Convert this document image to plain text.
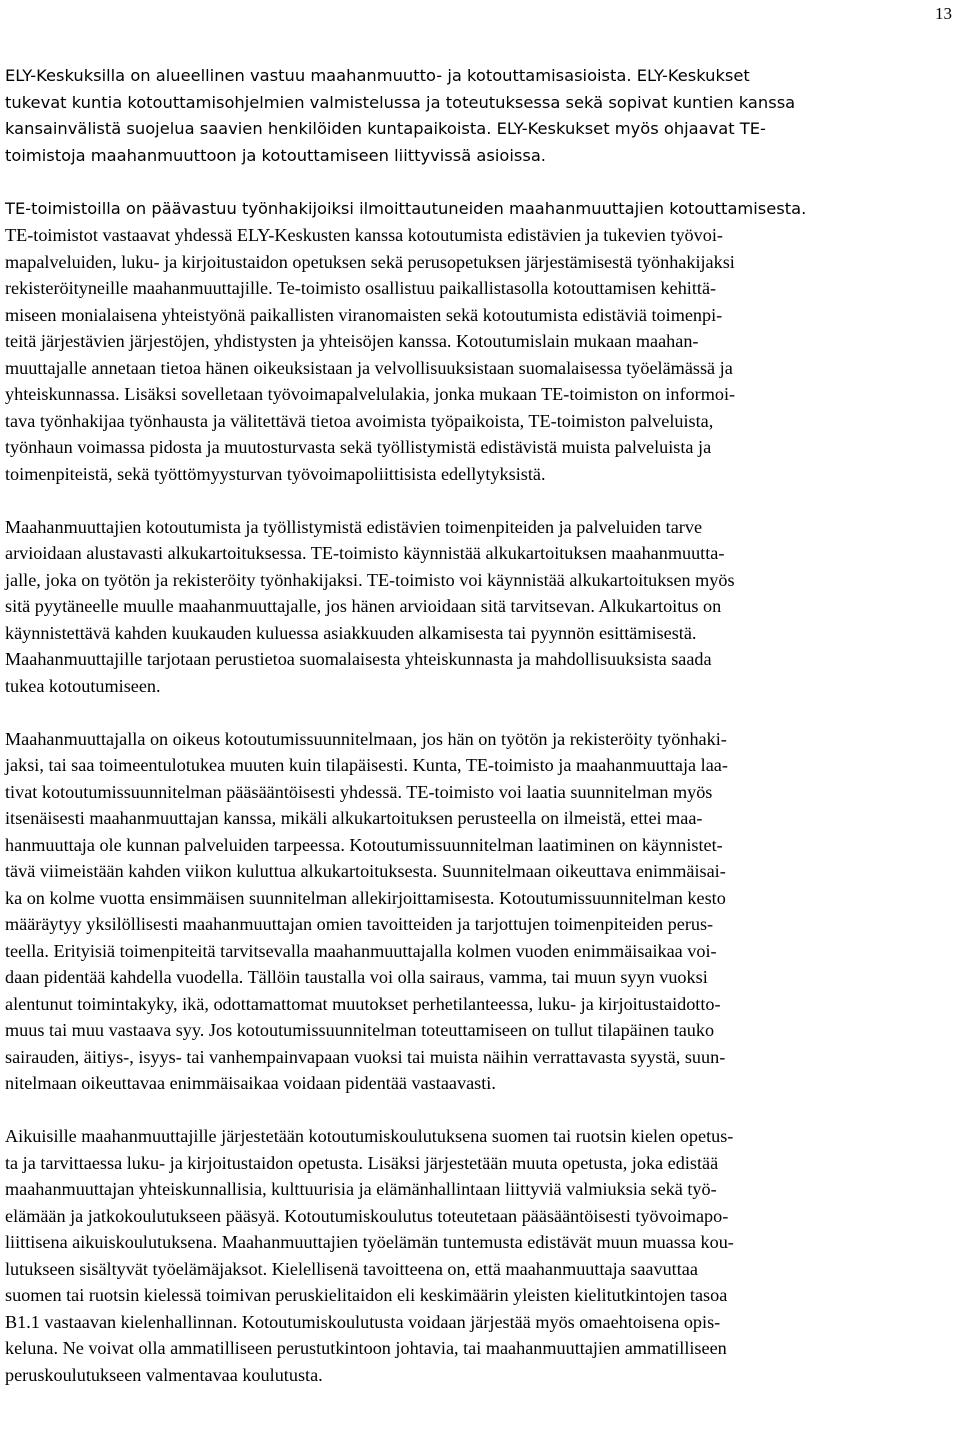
13

ELY-Keskuksilla on alueellinen vastuu maahanmuutto- ja kotouttamisasioista. ELY-Keskukset
tukevat kuntia kotouttamisohjelmien valmistelussa ja toteutuksessa sekä sopivat kuntien kanssa
kansainvälistä suojelua saavien henkilöiden kuntapaikoista. ELY-Keskukset myös ohjaavat TE-
toimistoja maahanmuuttoon ja kotouttamiseen liittyvissä asioissa.

TE-toimistoilla on päävastuu työnhakijoiksi ilmoittautuneiden maahanmuuttajien kotouttamisesta.
TE-toimistot vastaavat yhdessä ELY-Keskusten kanssa kotoutumista edistävien ja tukevien työvoi-
mapalveluiden, luku- ja kirjoitustaidon opetuksen sekä perusopetuksen järjestämisestä työnhakijaksi
rekisteröityneille maahanmuuttajille. Te-toimisto osallistuu paikallistasolla kotouttamisen kehittä-
miseen monialaisena yhteistyönä paikallisten viranomaisten sekä kotoutumista edistäviä toimenpi-
teitä järjestävien järjestöjen, yhdistysten ja yhteisöjen kanssa. Kotoutumislain mukaan maahan-
muuttajalle annetaan tietoa hänen oikeuksistaan ja velvollisuuksistaan suomalaisessa työelämässä ja
yhteiskunnassa. Lisäksi sovelletaan työvoimapalvelulakia, jonka mukaan TE-toimiston on informoi-
tava työnhakijaa työnhausta ja välitettävä tietoa avoimista työpaikoista, TE-toimiston palveluista,
työnhaun voimassa pidosta ja muutosturvasta sekä työllistymistä edistävistä muista palveluista ja
toimenpiteistä, sekä työttömyysturvan työvoimapoliittisista edellytyksistä.

Maahanmuuttajien kotoutumista ja työllistymistä edistävien toimenpiteiden ja palveluiden tarve
arvioidaan alustavasti alkukartoituksessa. TE-toimisto käynnistää alkukartoituksen maahanmuutta-
jalle, joka on työtön ja rekisteröity työnhakijaksi. TE-toimisto voi käynnistää alkukartoituksen myös
sitä pyytäneelle muulle maahanmuuttajalle, jos hänen arvioidaan sitä tarvitsevan. Alkukartoitus on
käynnistettävä kahden kuukauden kuluessa asiakkuuden alkamisesta tai pyynnön esittämisestä.
Maahanmuuttajille tarjotaan perustietoa suomalaisesta yhteiskunnasta ja mahdollisuuksista saada
tukea kotoutumiseen.

Maahanmuuttajalla on oikeus kotoutumissuunnitelmaan, jos hän on työtön ja rekisteröity työnhaki-
jaksi, tai saa toimeentulotukea muuten kuin tilapäisesti. Kunta, TE-toimisto ja maahanmuuttaja laa-
tivat kotoutumissuunnitelman pääsääntöisesti yhdessä. TE-toimisto voi laatia suunnitelman myös
itsenäisesti maahanmuuttajan kanssa, mikäli alkukartoituksen perusteella on ilmeistä, ettei maa-
hanmuuttaja ole kunnan palveluiden tarpeessa. Kotoutumissuunnitelman laatiminen on käynnistet-
tävä viimeistään kahden viikon kuluttua alkukartoituksesta. Suunnitelmaan oikeuttava enimmäisai-
ka on kolme vuotta ensimmäisen suunnitelman allekirjoittamisesta. Kotoutumissuunnitelman kesto
määräytyy yksilöllisesti maahanmuuttajan omien tavoitteiden ja tarjottujen toimenpiteiden perus-
teella. Erityisiä toimenpiteitä tarvitsevalla maahanmuuttajalla kolmen vuoden enimmäisaikaa voi-
daan pidentää kahdella vuodella. Tällöin taustalla voi olla sairaus, vamma, tai muun syyn vuoksi
alentunut toimintakyky, ikä, odottamattomat muutokset perhetilanteessa, luku- ja kirjoitustaidotto-
muus tai muu vastaava syy. Jos kotoutumissuunnitelman toteuttamiseen on tullut tilapäinen tauko
sairauden, äitiys-, isyys- tai vanhempainvapaan vuoksi tai muista näihin verrattavasta syystä, suun-
nitelmaan oikeuttavaa enimmäisaikaa voidaan pidentää vastaavasti.

Aikuisille maahanmuuttajille järjestetään kotoutumiskoulutuksena suomen tai ruotsin kielen opetus-
ta ja tarvittaessa luku- ja kirjoitustaidon opetusta. Lisäksi järjestetään muuta opetusta, joka edistää
maahanmuuttajan yhteiskunnallisia, kulttuurisia ja elämänhallintaan liittyviä valmiuksia sekä työ-
elämään ja jatkokoulutukseen pääsyä. Kotoutumiskoulutus toteutetaan pääsääntöisesti työvoimapo-
liittisena aikuiskoulutuksena. Maahanmuuttajien työelämän tuntemusta edistävät muun muassa kou-
lutukseen sisältyvät työelämäjaksot. Kielellisenä tavoitteena on, että maahanmuuttaja saavuttaa
suomen tai ruotsin kielessä toimivan peruskielitaidon eli keskimäärin yleisten kielitutkintojen tasoa
B1.1 vastaavan kielenhallinnan. Kotoutumiskoulutusta voidaan järjestää myös omaehtoisena opis-
keluna. Ne voivat olla ammatilliseen perustutkintoon johtavia, tai maahanmuuttajien ammatilliseen
peruskoulutukseen valmentavaa koulutusta.
